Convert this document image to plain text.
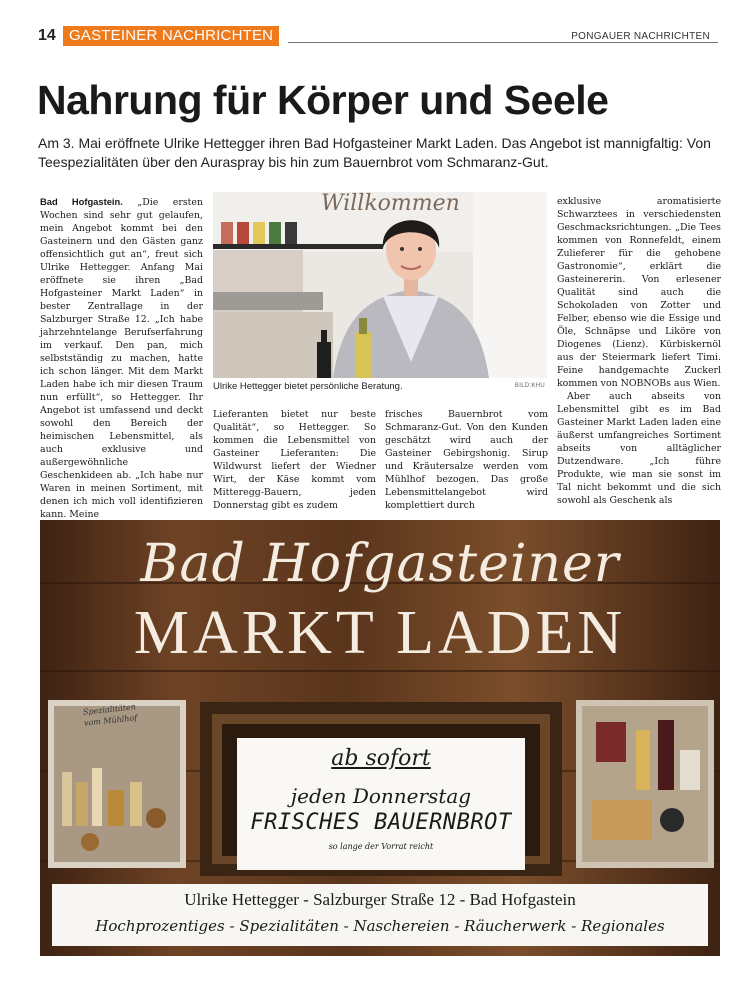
14 GASTEINER NACHRICHTEN	PONGAUER NACHRICHTEN
Nahrung für Körper und Seele

Am 3. Mai eröffnete Ulrike Hettegger ihren Bad Hofgasteiner Markt Laden. Das Angebot ist mannigfaltig: Von Teespezialitäten über den Auraspray bis hin zum Bauernbrot vom Schmaranz-Gut.

Bad Hofgastein. „Die ersten Wochen sind sehr gut gelaufen, mein Angebot kommt bei den Gasteinern und den Gästen ganz offensichtlich gut an“, freut sich Ulrike Hettegger. Anfang Mai eröffnete sie ihren „Bad Hofgasteiner Markt Laden“ in bester Zentrallage in der Salzburger Straße 12. „Ich habe jahrzehntelange Berufserfahrung im verkauf. Den pan, mich selbstständig zu machen, hatte ich schon länger. Mit dem Markt Laden habe ich mir diesen Traum nun erfüllt“, so Hettegger. Ihr Angebot ist umfassend und deckt sowohl den Bereich der heimischen Lebensmittel, als auch exklusive und außergewöhnliche Geschenkideen ab. „Ich habe nur Waren in meinen Sortiment, mit denen ich mich voll identifizieren kann. Meine

Willkommen
Ulrike Hettegger bietet persönliche Beratung.	BILD:KHU

Lieferanten bietet nur beste Qualität“, so Hettegger. So kommen die Lebensmittel von Gasteiner Lieferanten: Die Wildwurst liefert der Wiedner Wirt, der Käse kommt vom Mitteregg-Bauern, jeden Donnerstag gibt es zudem

frisches Bauernbrot vom Schmaranz-Gut. Von den Kunden geschätzt wird auch der Gasteiner Gebirgshonig. Sirup und Kräutersalze werden vom Mühlhof bezogen. Das große Lebensmittelangebot wird komplettiert durch

exklusive aromatisierte Schwarztees in verschiedensten Geschmacksrichtungen. „Die Tees kommen von Ronnefeldt, einem Zulieferer für die gehobene Gastronomie“, erklärt die Gasteinererin. Von erlesener Qualität sind auch die Schokoladen von Zotter und Felber, ebenso wie die Essige und Öle, Schnäpse und Liköre von Diogenes (Lienz). Kürbiskernöl aus der Steiermark liefert Timi. Feine handgemachte Zuckerl kommen von NOBNOBs aus Wien.

Aber auch abseits von Lebensmittel gibt es im Bad Gasteiner Markt Laden laden eine äußerst umfangreiches Sortiment abseits von alltäglicher Dutzendware. „Ich führe Produkte, wie man sie sonst im Tal nicht bekommt und die sich sowohl als Geschenk als

Bad Hofgasteiner
MARKT LADEN
Spezialitäten vom Mühlhof
ab sofort
jeden Donnerstag
FRISCHES BAUERNBROT
so lange der Vorrat reicht
Ulrike Hettegger - Salzburger Straße 12 - Bad Hofgastein
Hochprozentiges - Spezialitäten - Naschereien - Räucherwerk - Regionales
